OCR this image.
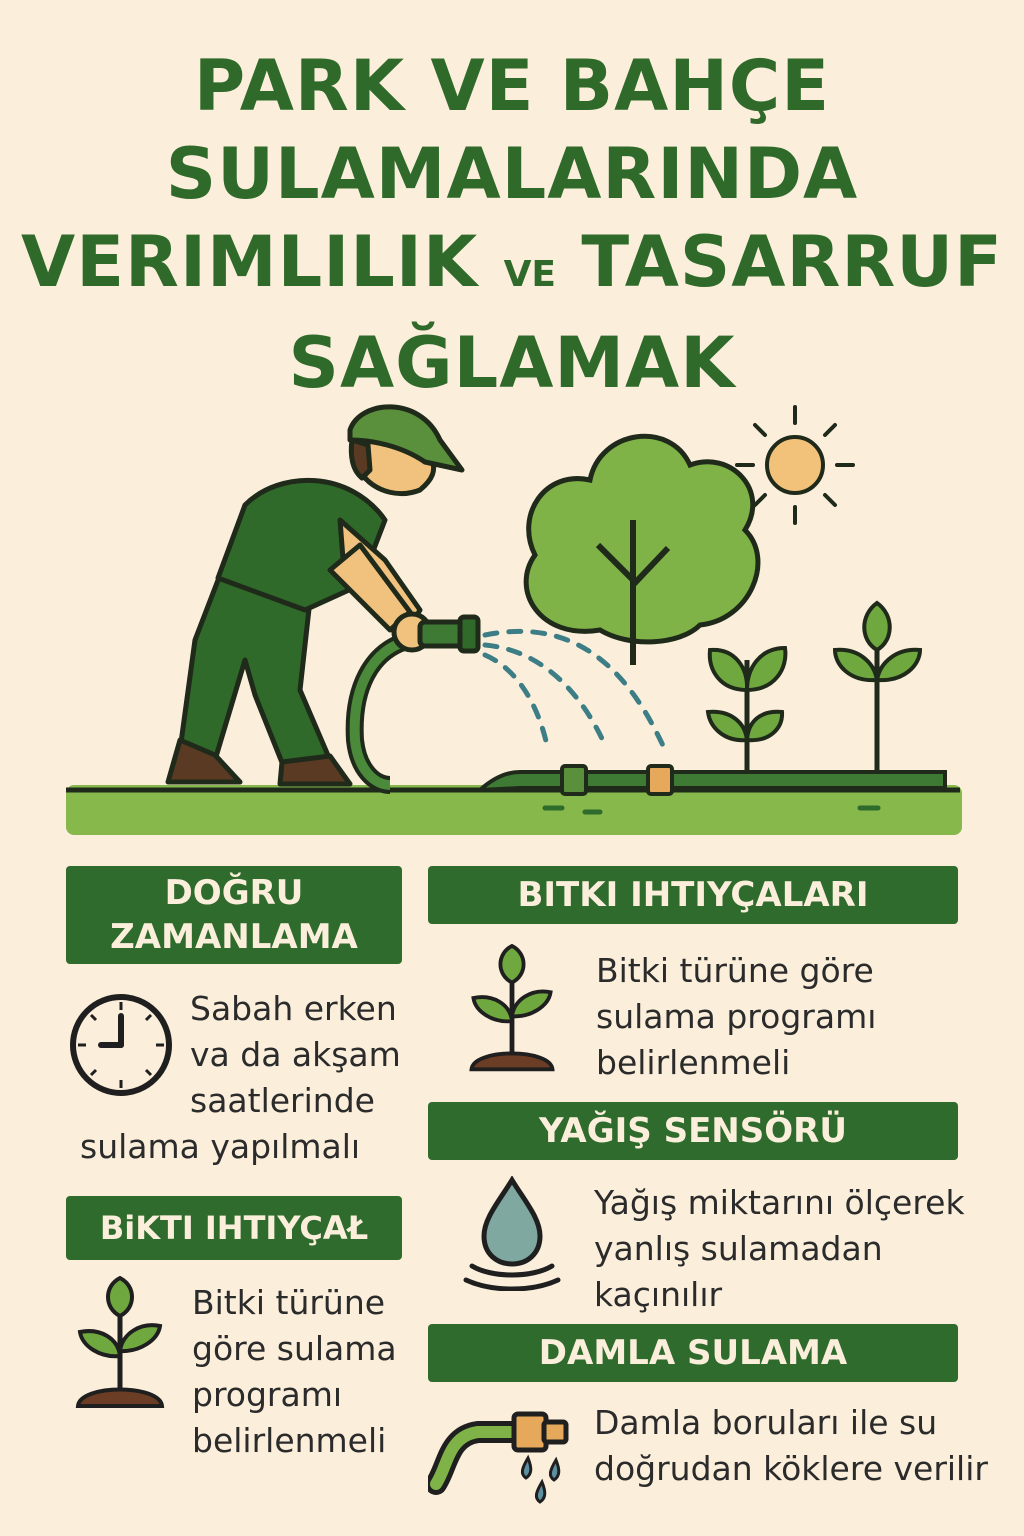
PARK VE BAHÇE
SULAMALARINDA
VERIMLILIK VE TASARRUF
SAĞLAMAK
DOĞRU
ZAMANLAMA
Sabah erken
va da akşam
saatlerinde
sulama yapılmalı
BiKTI IHTIYÇAŁ
Bitki türüne
göre sulama
programı
belirlenmeli
BITKI IHTIYÇALARI
Bitki türüne göre
sulama programı
belirlenmeli
YAĞIŞ SENSÖRÜ
Yağış miktarını ölçerek
yanlış sulamadan
kaçınılır
DAMLA SULAMA
Damla boruları ile su
doğrudan köklere verilir
